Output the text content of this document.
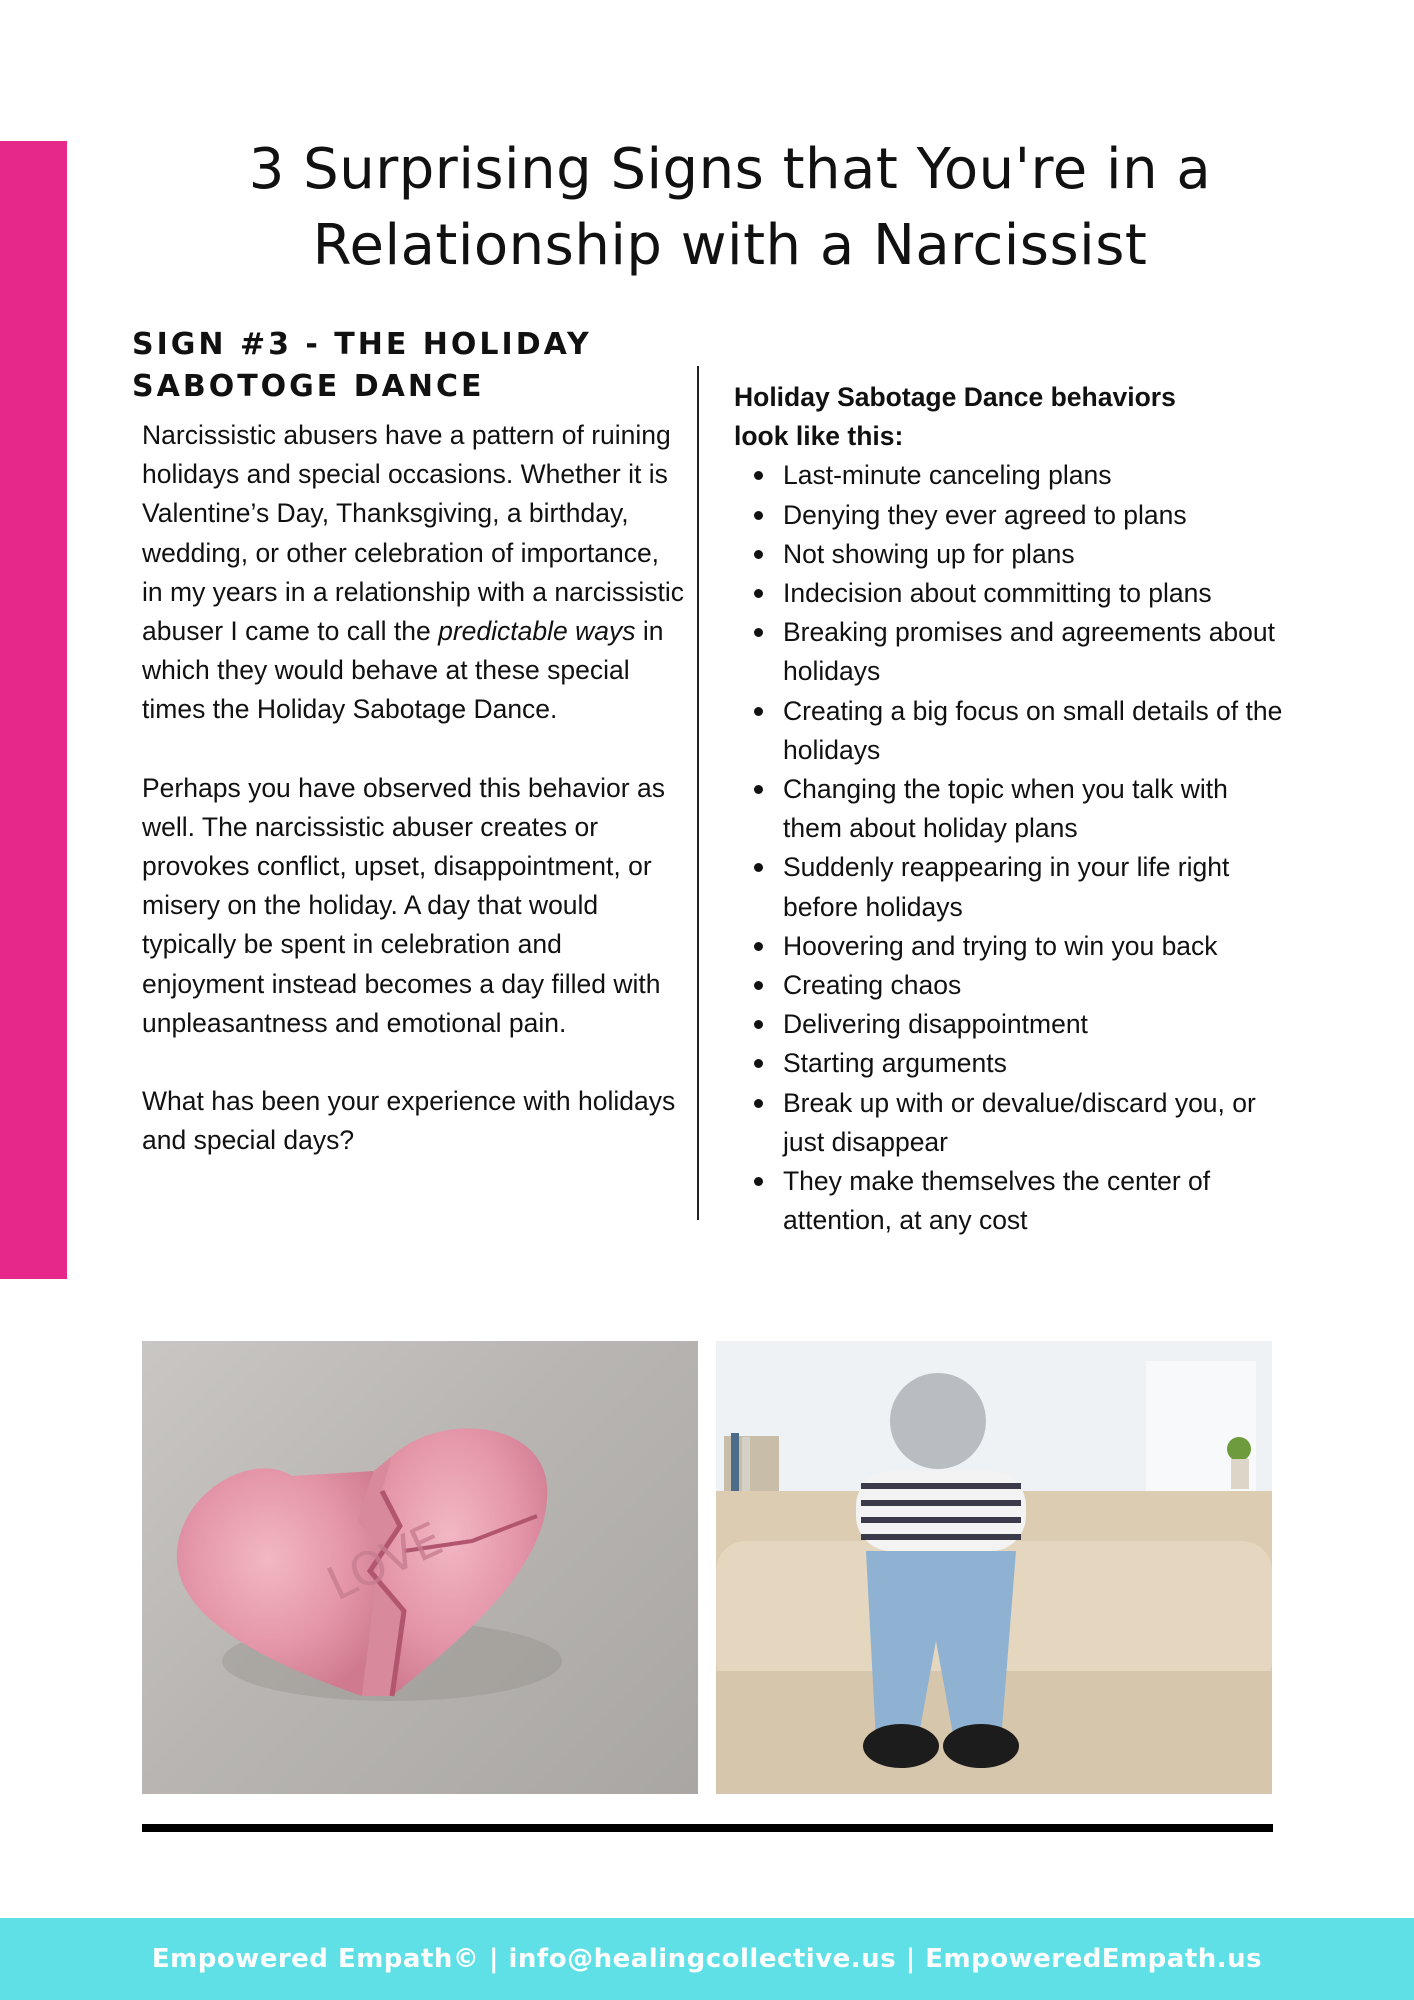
3 Surprising Signs that You're in a Relationship with a Narcissist
SIGN #3 - THE HOLIDAY SABOTOGE DANCE

Narcissistic abusers have a pattern of ruining holidays and special occasions. Whether it is Valentine’s Day, Thanksgiving, a birthday, wedding, or other celebration of importance, in my years in a relationship with a narcissistic abuser I came to call the predictable ways in which they would behave at these special times the Holiday Sabotage Dance.

Perhaps you have observed this behavior as well. The narcissistic abuser creates or provokes conflict, upset, disappointment, or misery on the holiday. A day that would typically be spent in celebration and enjoyment instead becomes a day filled with unpleasantness and emotional pain.

What has been your experience with holidays and special days?

Holiday Sabotage Dance behaviors
look like this:

Last-minute canceling plans
Denying they ever agreed to plans
Not showing up for plans
Indecision about committing to plans
Breaking promises and agreements about holidays
Creating a big focus on small details of the holidays
Changing the topic when you talk with them about holiday plans
Suddenly reappearing in your life right before holidays
Hoovering and trying to win you back
Creating chaos
Delivering disappointment
Starting arguments
Break up with or devalue/discard you, or just disappear
They make themselves the center of attention, at any cost
LOVE
Empowered Empath© | info@healingcollective.us | EmpoweredEmpath.us
